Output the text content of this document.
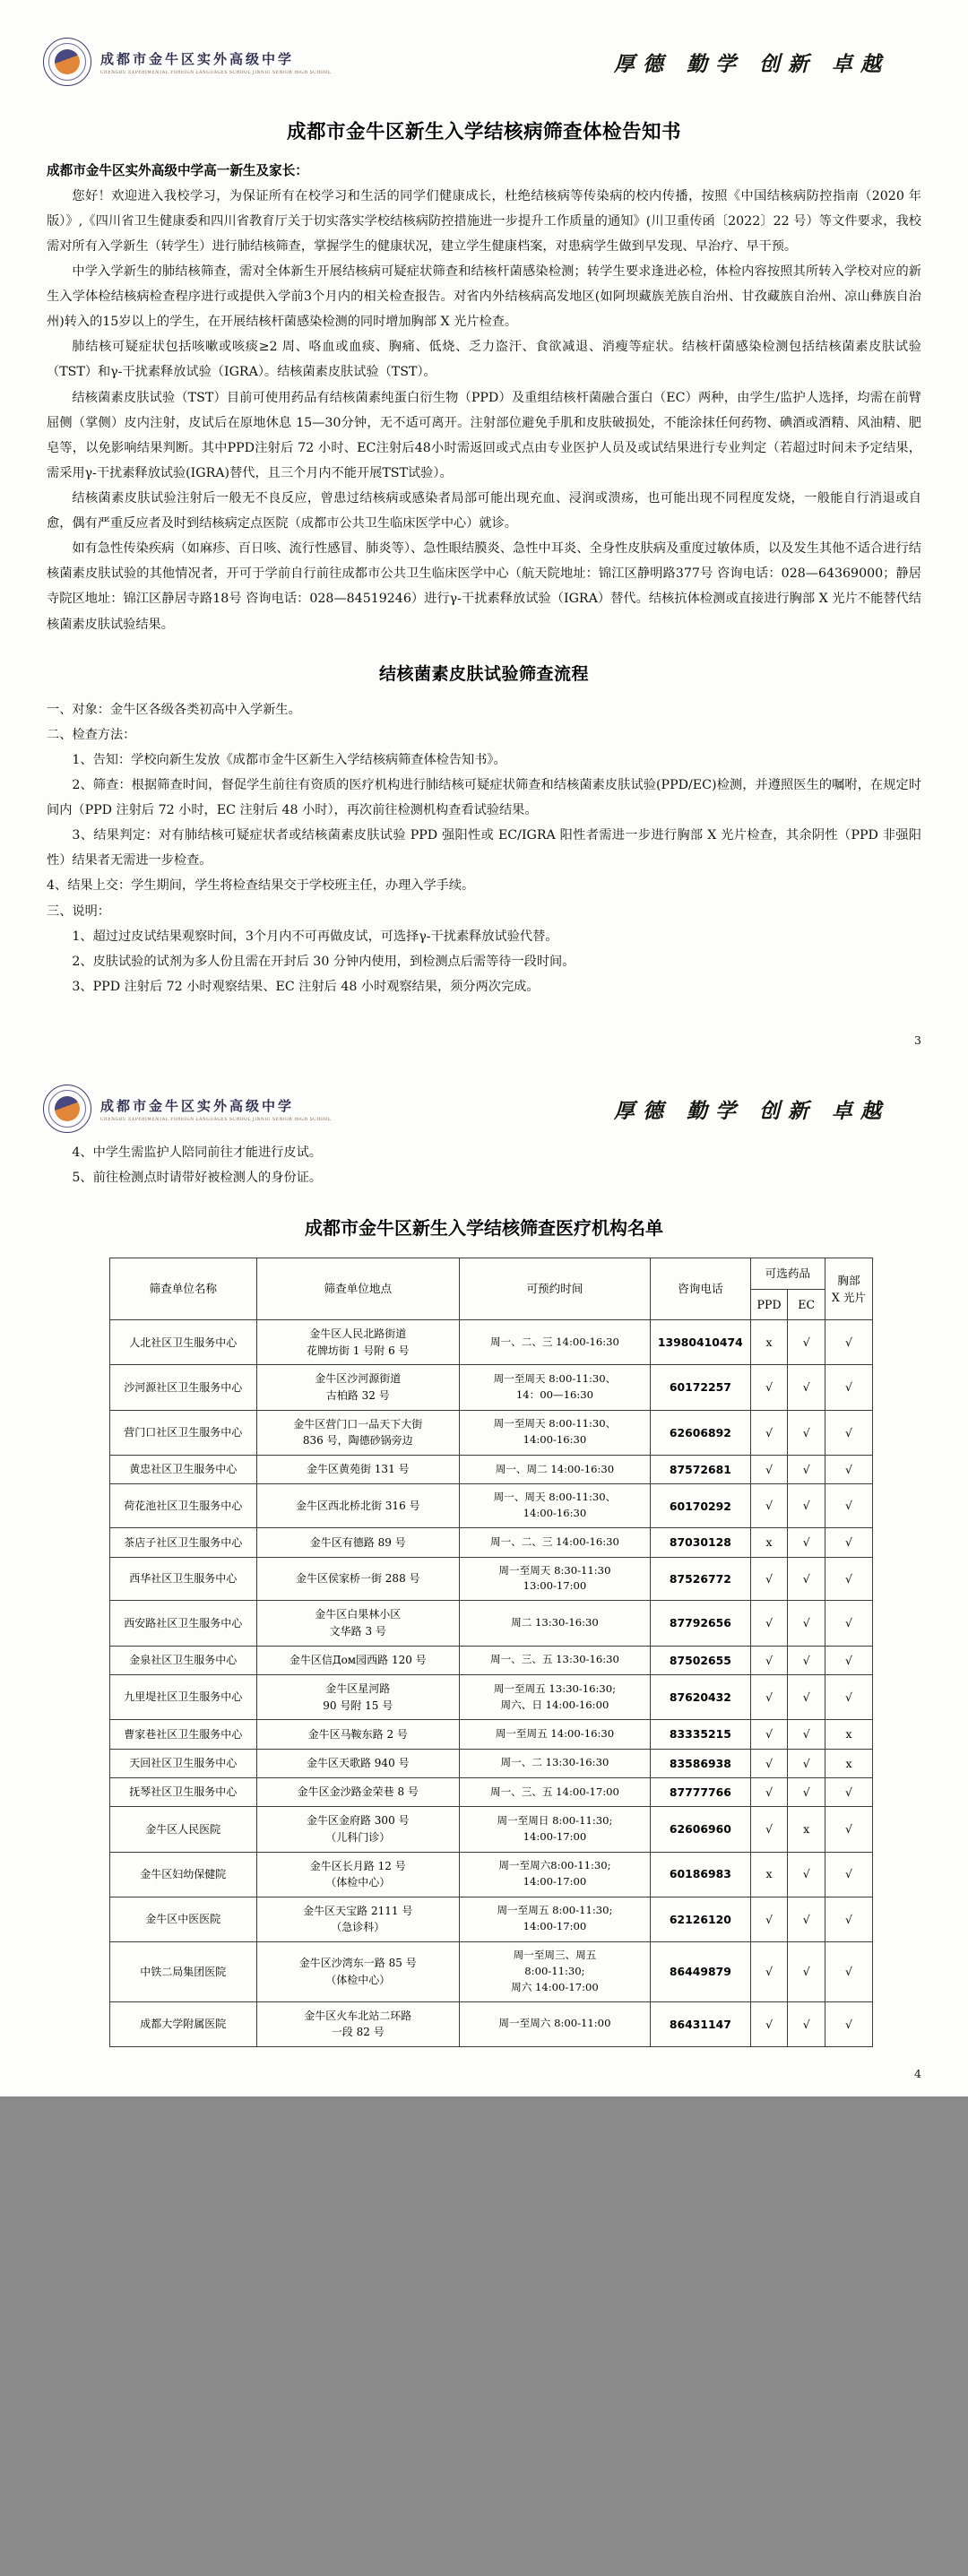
成都市金牛区实外高级中学
CHENGDU EXPERIMENTAL FOREIGN LANGUAGES SCHOOL JINNIU SENIOR HIGH SCHOOL	厚德 勤学 创新 卓越
成都市金牛区新生入学结核病筛查体检告知书
成都市金牛区实外高级中学高一新生及家长：

您好！欢迎进入我校学习，为保证所有在校学习和生活的同学们健康成长，杜绝结核病等传染病的校内传播，按照《中国结核病防控指南（2020 年版）》,《四川省卫生健康委和四川省教育厅关于切实落实学校结核病防控措施进一步提升工作质量的通知》(川卫重传函〔2022〕22 号）等文件要求，我校需对所有入学新生（转学生）进行肺结核筛查，掌握学生的健康状况，建立学生健康档案，对患病学生做到早发现、早治疗、早干预。

中学入学新生的肺结核筛查，需对全体新生开展结核病可疑症状筛查和结核杆菌感染检测；转学生要求逢进必检，体检内容按照其所转入学校对应的新生入学体检结核病检查程序进行或提供入学前3个月内的相关检查报告。对省内外结核病高发地区(如阿坝藏族羌族自治州、甘孜藏族自治州、凉山彝族自治州)转入的15岁以上的学生，在开展结核杆菌感染检测的同时增加胸部 X 光片检查。

肺结核可疑症状包括咳嗽或咳痰≥2 周、咯血或血痰、胸痛、低烧、乏力盗汗、食欲减退、消瘦等症状。结核杆菌感染检测包括结核菌素皮肤试验（TST）和γ-干扰素释放试验（IGRA）。结核菌素皮肤试验（TST）。

结核菌素皮肤试验（TST）目前可使用药品有结核菌素纯蛋白衍生物（PPD）及重组结核杆菌融合蛋白（EC）两种，由学生/监护人选择，均需在前臂屈侧（掌侧）皮内注射，皮试后在原地休息 15—30分钟，无不适可离开。注射部位避免手肌和皮肤破损处，不能涂抹任何药物、碘酒或酒精、风油精、肥皂等，以免影响结果判断。其中PPD注射后 72 小时、EC注射后48小时需返回或式点由专业医护人员及或试结果进行专业判定（若超过时间未予定结果，需采用γ-干扰素释放试验(IGRA)替代，且三个月内不能开展TST试验）。

结核菌素皮肤试验注射后一般无不良反应，曾患过结核病或感染者局部可能出现充血、浸润或溃疡，也可能出现不同程度发烧，一般能自行消退或自愈，偶有严重反应者及时到结核病定点医院（成都市公共卫生临床医学中心）就诊。

如有急性传染疾病（如麻疹、百日咳、流行性感冒、肺炎等）、急性眼结膜炎、急性中耳炎、全身性皮肤病及重度过敏体质，以及发生其他不适合进行结核菌素皮肤试验的其他情况者，开可于学前自行前往成都市公共卫生临床医学中心（航天院地址：锦江区静明路377号 咨询电话：028—64369000；静居寺院区地址：锦江区静居寺路18号 咨询电话：028—84519246）进行γ-干扰素释放试验（IGRA）替代。结核抗体检测或直接进行胸部 X 光片不能替代结核菌素皮肤试验结果。

结核菌素皮肤试验筛查流程

一、对象：金牛区各级各类初高中入学新生。

二、检查方法：

1、告知：学校向新生发放《成都市金牛区新生入学结核病筛查体检告知书》。

2、筛查：根据筛查时间，督促学生前往有资质的医疗机构进行肺结核可疑症状筛查和结核菌素皮肤试验(PPD/EC)检测，并遵照医生的嘱咐，在规定时间内（PPD 注射后 72 小时，EC 注射后 48 小时），再次前往检测机构查看试验结果。

3、结果判定：对有肺结核可疑症状者或结核菌素皮肤试验 PPD 强阳性或 EC/IGRA 阳性者需进一步进行胸部 X 光片检查，其余阴性（PPD 非强阳性）结果者无需进一步检查。

4、结果上交：学生期间，学生将检查结果交于学校班主任，办理入学手续。

三、说明：

1、超过过皮试结果观察时间，3个月内不可再做皮试，可选择γ-干扰素释放试验代替。

2、皮肤试验的试剂为多人份且需在开封后 30 分钟内使用，到检测点后需等待一段时间。

3、PPD 注射后 72 小时观察结果、EC 注射后 48 小时观察结果，须分两次完成。

3
成都市金牛区实外高级中学
CHENGDU EXPERIMENTAL FOREIGN LANGUAGES SCHOOL JINNIU SENIOR HIGH SCHOOL	厚德 勤学 创新 卓越

4、中学生需监护人陪同前往才能进行皮试。

5、前往检测点时请带好被检测人的身份证。

成都市金牛区新生入学结核筛查医疗机构名单
筛查单位名称	筛查单位地点	可预约时间	咨询电话	可选药品		胸部
X 光片
				PPD	EC	
人北社区卫生服务中心	金牛区人民北路街道
花牌坊街 1 号附 6 号	周一、二、三 14:00-16:30	13980410474	x	√	√
沙河源社区卫生服务中心	金牛区沙河源街道
古柏路 32 号	周一至周天 8:00-11:30、
14：00—16:30	60172257	√	√	√
营门口社区卫生服务中心	金牛区营门口一品天下大街
836 号，陶德砂锅旁边	周一至周天 8:00-11:30、
14:00-16:30	62606892	√	√	√
黄忠社区卫生服务中心	金牛区黄苑街 131 号	周一、周二 14:00-16:30	87572681	√	√	√
荷花池社区卫生服务中心	金牛区西北桥北街 316 号	周一、周天 8:00-11:30、
14:00-16:30	60170292	√	√	√
茶店子社区卫生服务中心	金牛区有德路 89 号	周一、二、三 14:00-16:30	87030128	x	√	√
西华社区卫生服务中心	金牛区侯家桥一街 288 号	周一至周天 8:30-11:30
13:00-17:00	87526772	√	√	√
西安路社区卫生服务中心	金牛区白果林小区
文华路 3 号	周二 13:30-16:30	87792656	√	√	√
金泉社区卫生服务中心	金牛区信Дом园西路 120 号	周一、三、五 13:30-16:30	87502655	√	√	√
九里堤社区卫生服务中心	金牛区星河路
90 号附 15 号	周一至周五 13:30-16:30;
周六、日 14:00-16:00	87620432	√	√	√
曹家巷社区卫生服务中心	金牛区马鞍东路 2 号	周一至周五 14:00-16:30	83335215	√	√	x
天回社区卫生服务中心	金牛区天歌路 940 号	周一、二 13:30-16:30	83586938	√	√	x
抚琴社区卫生服务中心	金牛区金沙路金荣巷 8 号	周一、三、五 14:00-17:00	87777766	√	√	√
金牛区人民医院	金牛区金府路 300 号
（儿科门诊）	周一至周日 8:00-11:30;
14:00-17:00	62606960	√	x	√
金牛区妇幼保健院	金牛区长月路 12 号
（体检中心）	周一至周六8:00-11:30;
14:00-17:00	60186983	x	√	√
金牛区中医医院	金牛区天宝路 2111 号
（急诊科）	周一至周五 8:00-11:30;
14:00-17:00	62126120	√	√	√
中铁二局集团医院	金牛区沙湾东一路 85 号
（体检中心）	周一至周三、周五
8:00-11:30;
周六 14:00-17:00	86449879	√	√	√
成都大学附属医院	金牛区火车北站二环路
一段 82 号	周一至周六 8:00-11:00	86431147	√	√	√
4
